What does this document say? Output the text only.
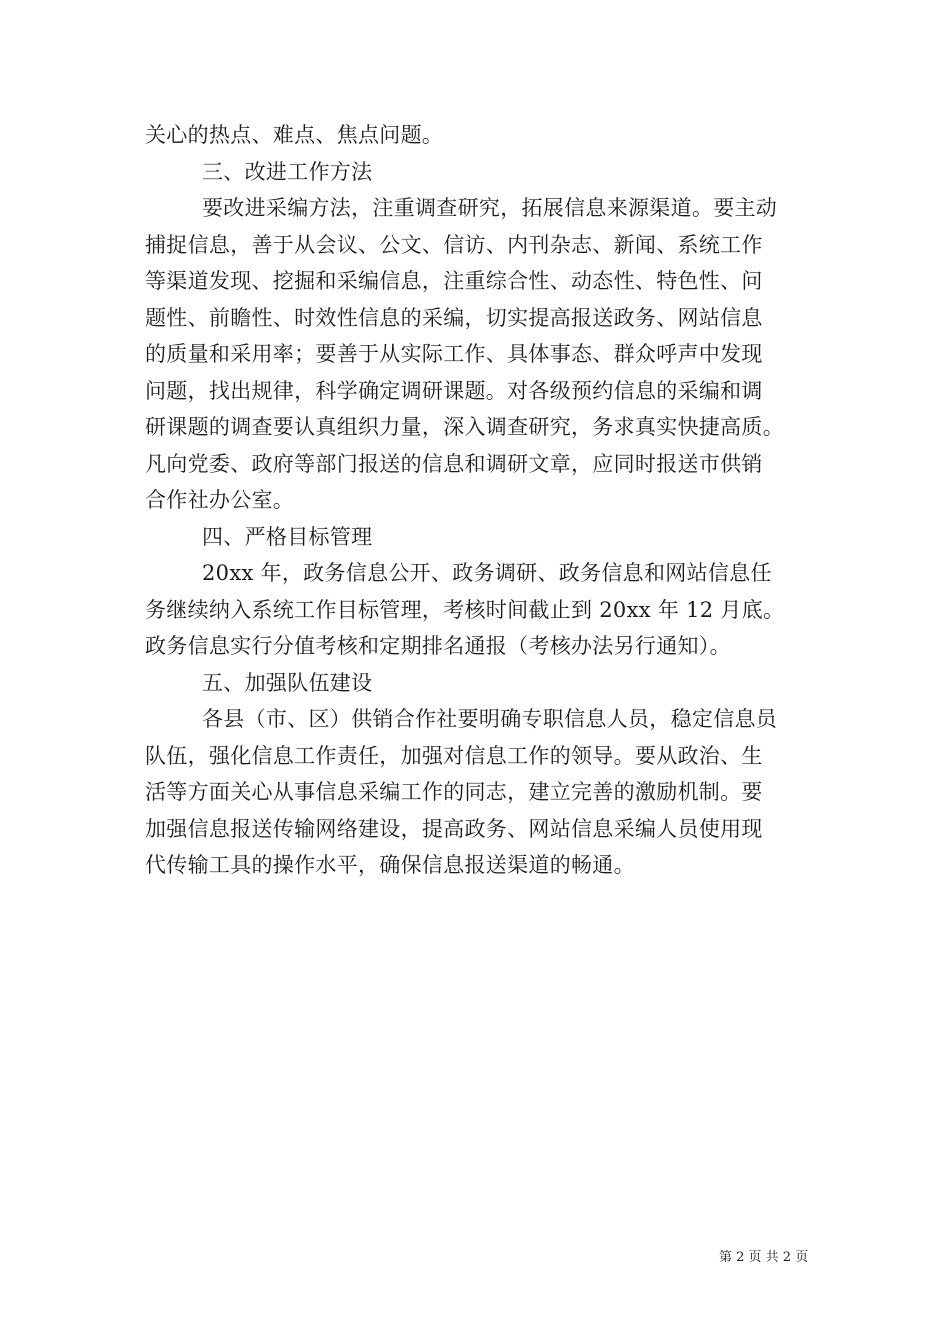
关心的热点、难点、焦点问题。
三、改进工作方法
要改进采编方法，注重调查研究，拓展信息来源渠道。要主动
捕捉信息，善于从会议、公文、信访、内刊杂志、新闻、系统工作
等渠道发现、挖掘和采编信息，注重综合性、动态性、特色性、问
题性、前瞻性、时效性信息的采编，切实提高报送政务、网站信息
的质量和采用率；要善于从实际工作、具体事态、群众呼声中发现
问题，找出规律，科学确定调研课题。对各级预约信息的采编和调
研课题的调查要认真组织力量，深入调查研究，务求真实快捷高质。
凡向党委、政府等部门报送的信息和调研文章，应同时报送市供销
合作社办公室。
四、严格目标管理
20xx 年，政务信息公开、政务调研、政务信息和网站信息任
务继续纳入系统工作目标管理，考核时间截止到 20xx 年 12 月底。
政务信息实行分值考核和定期排名通报（考核办法另行通知）。
五、加强队伍建设
各县（市、区）供销合作社要明确专职信息人员，稳定信息员
队伍，强化信息工作责任，加强对信息工作的领导。要从政治、生
活等方面关心从事信息采编工作的同志，建立完善的激励机制。要
加强信息报送传输网络建设，提高政务、网站信息采编人员使用现
代传输工具的操作水平，确保信息报送渠道的畅通。
第 2 页 共 2 页
